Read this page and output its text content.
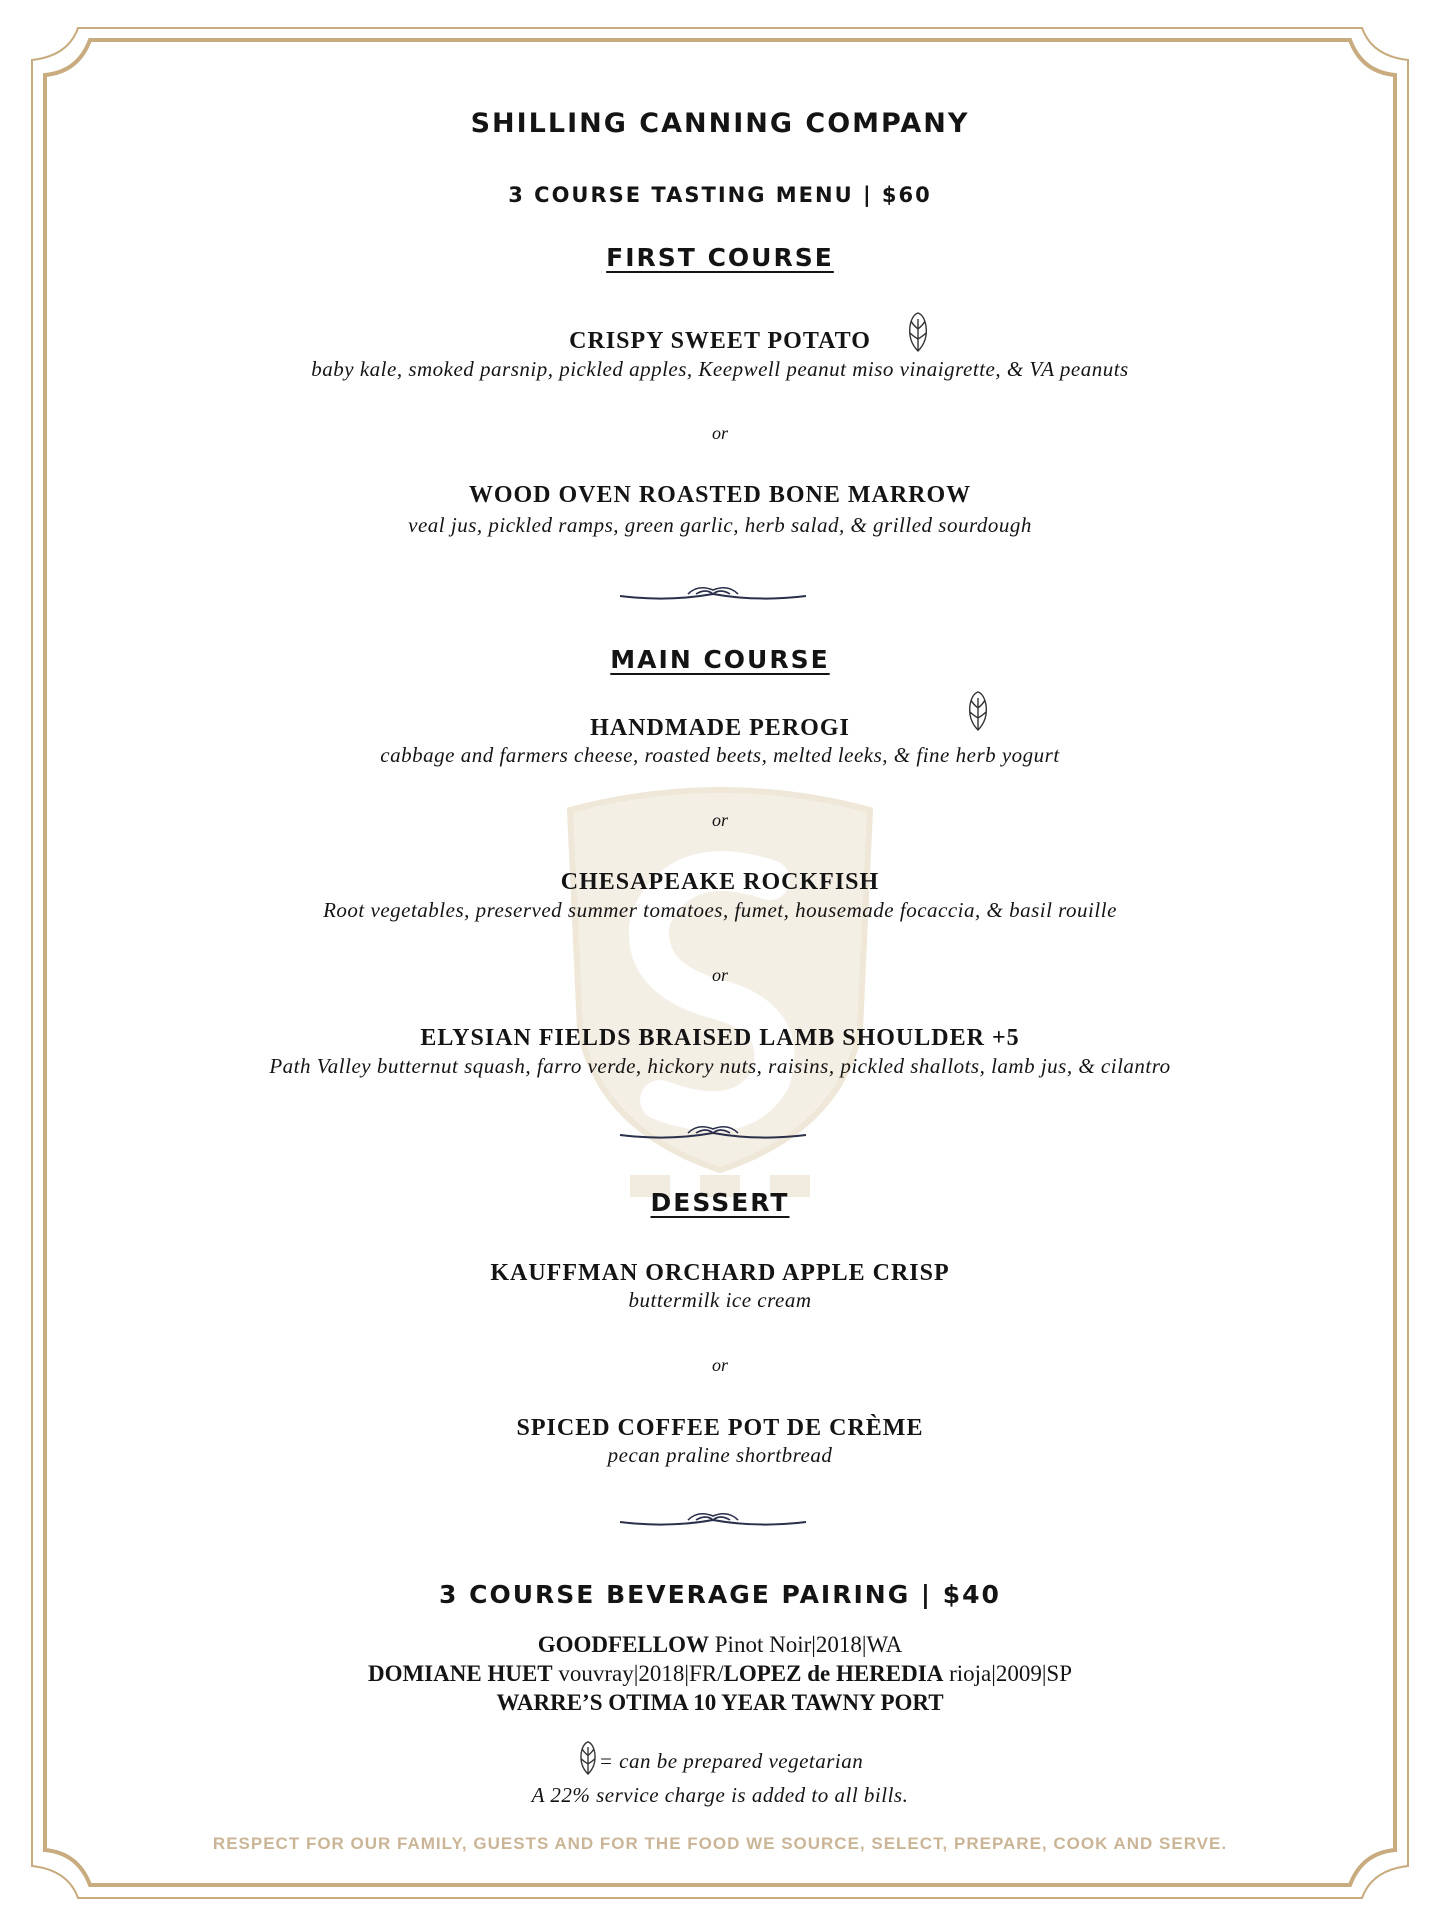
SHILLING CANNING COMPANY
3 COURSE TASTING MENU | $60
FIRST COURSE
CRISPY SWEET POTATO
baby kale, smoked parsnip, pickled apples, Keepwell peanut miso vinaigrette, & VA peanuts
or
WOOD OVEN ROASTED BONE MARROW
veal jus, pickled ramps, green garlic, herb salad, & grilled sourdough
MAIN COURSE
HANDMADE PEROGI
cabbage and farmers cheese, roasted beets, melted leeks, & fine herb yogurt
or
CHESAPEAKE ROCKFISH
Root vegetables, preserved summer tomatoes, fumet, housemade focaccia, & basil rouille
or
ELYSIAN FIELDS BRAISED LAMB SHOULDER +5
Path Valley butternut squash, farro verde, hickory nuts, raisins, pickled shallots, lamb jus, & cilantro
DESSERT
KAUFFMAN ORCHARD APPLE CRISP
buttermilk ice cream
or
SPICED COFFEE POT DE CRÈME
pecan praline shortbread
3 COURSE BEVERAGE PAIRING | $40
GOODFELLOW Pinot Noir|2018|WA
DOMIANE HUET vouvray|2018|FR/LOPEZ de HEREDIA rioja|2009|SP
WARRE’S OTIMA 10 YEAR TAWNY PORT
= can be prepared vegetarian
A 22% service charge is added to all bills.
RESPECT FOR OUR FAMILY, GUESTS AND FOR THE FOOD WE SOURCE, SELECT, PREPARE, COOK AND SERVE.
